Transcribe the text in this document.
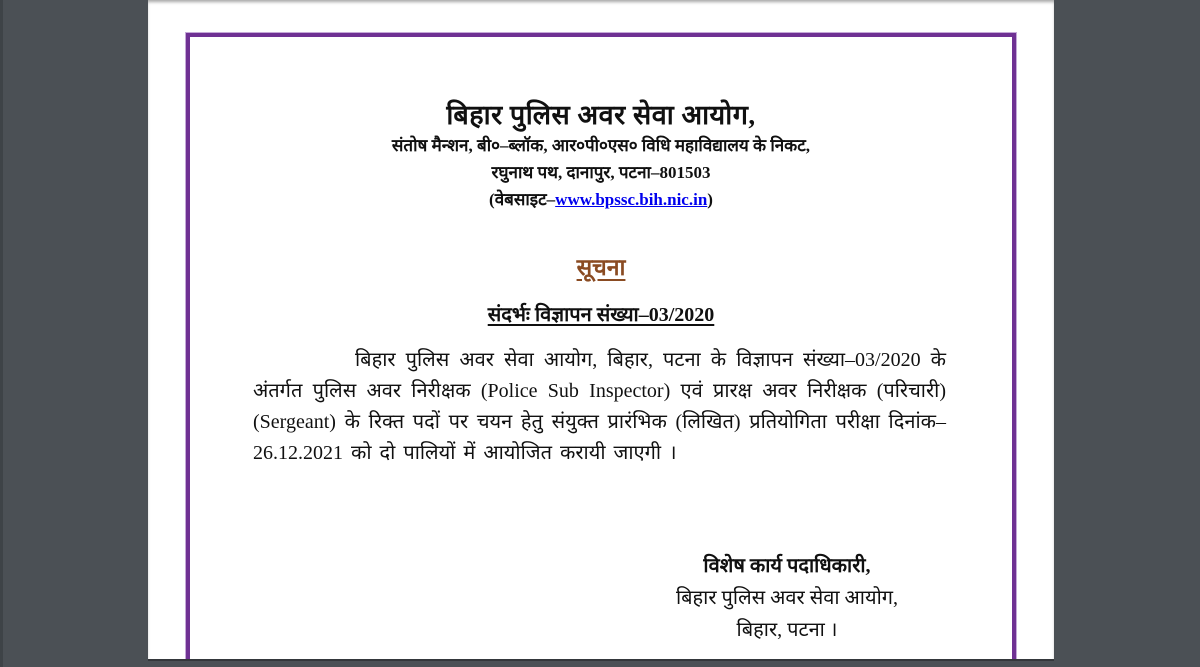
बिहार पुलिस अवर सेवा आयोग,
संतोष मैन्शन, बी०–ब्लॉक, आर०पी०एस० विधि महाविद्यालय के निकट,
रघुनाथ पथ, दानापुर, पटना–801503
(वेबसाइट–www.bpssc.bih.nic.in)
सूचना
संदर्भः विज्ञापन संख्या–03/2020
बिहार पुलिस अवर सेवा आयोग, बिहार, पटना के विज्ञापन संख्या–03/2020 के अंतर्गत पुलिस अवर निरीक्षक (Police Sub Inspector) एवं प्रारक्ष अवर निरीक्षक (परिचारी) (Sergeant) के रिक्त पदों पर चयन हेतु संयुक्त प्रारंभिक (लिखित) प्रतियोगिता परीक्षा दिनांक–26.12.2021 को दो पालियों में आयोजित करायी जाएगी ।
विशेष कार्य पदाधिकारी,
बिहार पुलिस अवर सेवा आयोग,
बिहार, पटना ।
